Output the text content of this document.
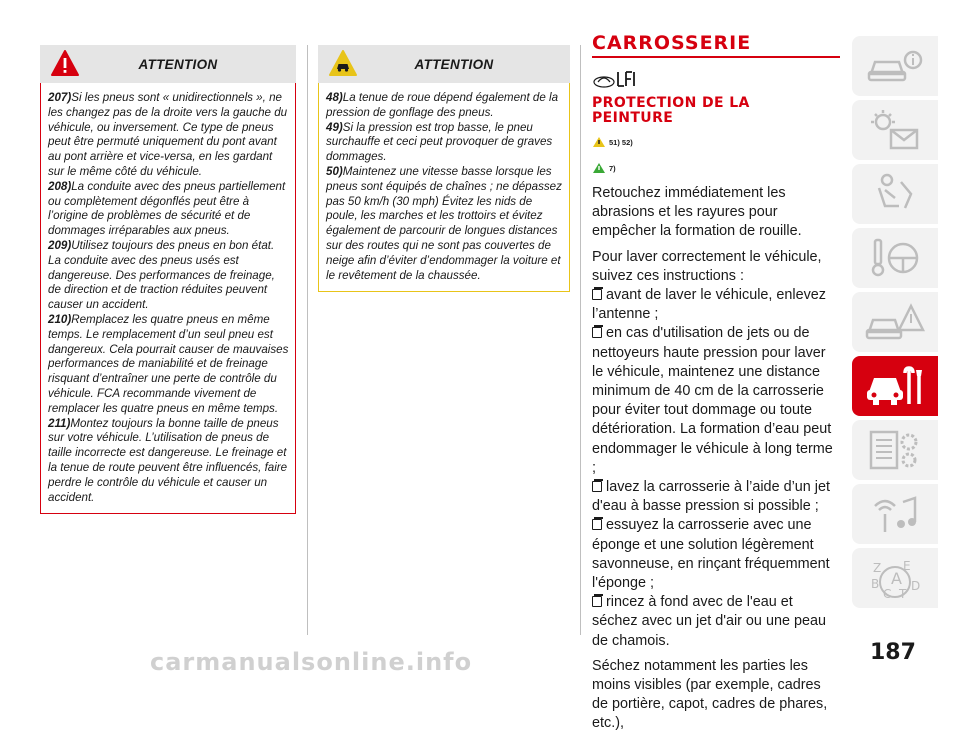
ATTENTION

207)Si les pneus sont « unidirectionnels », ne les changez pas de la droite vers la gauche du véhicule, ou inversement. Ce type de pneus peut être permuté uniquement du pont avant au pont arrière et vice-versa, en les gardant sur le même côté du véhicule.

208)La conduite avec des pneus partiellement ou complètement dégonflés peut être à l’origine de problèmes de sécurité et de dommages irréparables aux pneus.

209)Utilisez toujours des pneus en bon état. La conduite avec des pneus usés est dangereuse. Des performances de freinage, de direction et de traction réduites peuvent causer un accident.

210)Remplacez les quatre pneus en même temps. Le remplacement d’un seul pneu est dangereux. Cela pourrait causer de mauvaises performances de maniabilité et de freinage risquant d’entraîner une perte de contrôle du véhicule. FCA recommande vivement de remplacer les quatre pneus en même temps.

211)Montez toujours la bonne taille de pneus sur votre véhicule. L’utilisation de pneus de taille incorrecte est dangereuse. Le freinage et la tenue de route peuvent être influencés, faire perdre le contrôle du véhicule et causer un accident.

ATTENTION

48)La tenue de roue dépend également de la pression de gonflage des pneus.

49)Si la pression est trop basse, le pneu surchauffe et ceci peut provoquer de graves dommages.

50)Maintenez une vitesse basse lorsque les pneus sont équipés de chaînes ; ne dépassez pas 50 km/h (30 mph) Évitez les nids de poule, les marches et les trottoirs et évitez également de parcourir de longues distances sur des routes qui ne sont pas couvertes de neige afin d’éviter d’endommager la voiture et le revêtement de la chaussée.

CARROSSERIE
PROTECTION DE LA
PEINTURE
51) 52)
7)

Retouchez immédiatement les abrasions et les rayures pour empêcher la formation de rouille.

Pour laver correctement le véhicule, suivez ces instructions :
avant de laver le véhicule, enlevez l’antenne ;
en cas d'utilisation de jets ou de nettoyeurs haute pression pour laver le véhicule, maintenez une distance minimum de 40 cm de la carrosserie pour éviter tout dommage ou toute détérioration. La formation d’eau peut endommager le véhicule à long terme ;
lavez la carrosserie à l’aide d’un jet d'eau à basse pression si possible ;
essuyez la carrosserie avec une éponge et une solution légèrement savonneuse, en rinçant fréquemment l'éponge ;
rincez à fond avec de l'eau et séchez avec un jet d'air ou une peau de chamois.

Séchez notamment les parties les moins visibles (par exemple, cadres de portière, capot, cadres de phares, etc.),

Z E
B A D
C T
carmanualsonline.info	187
